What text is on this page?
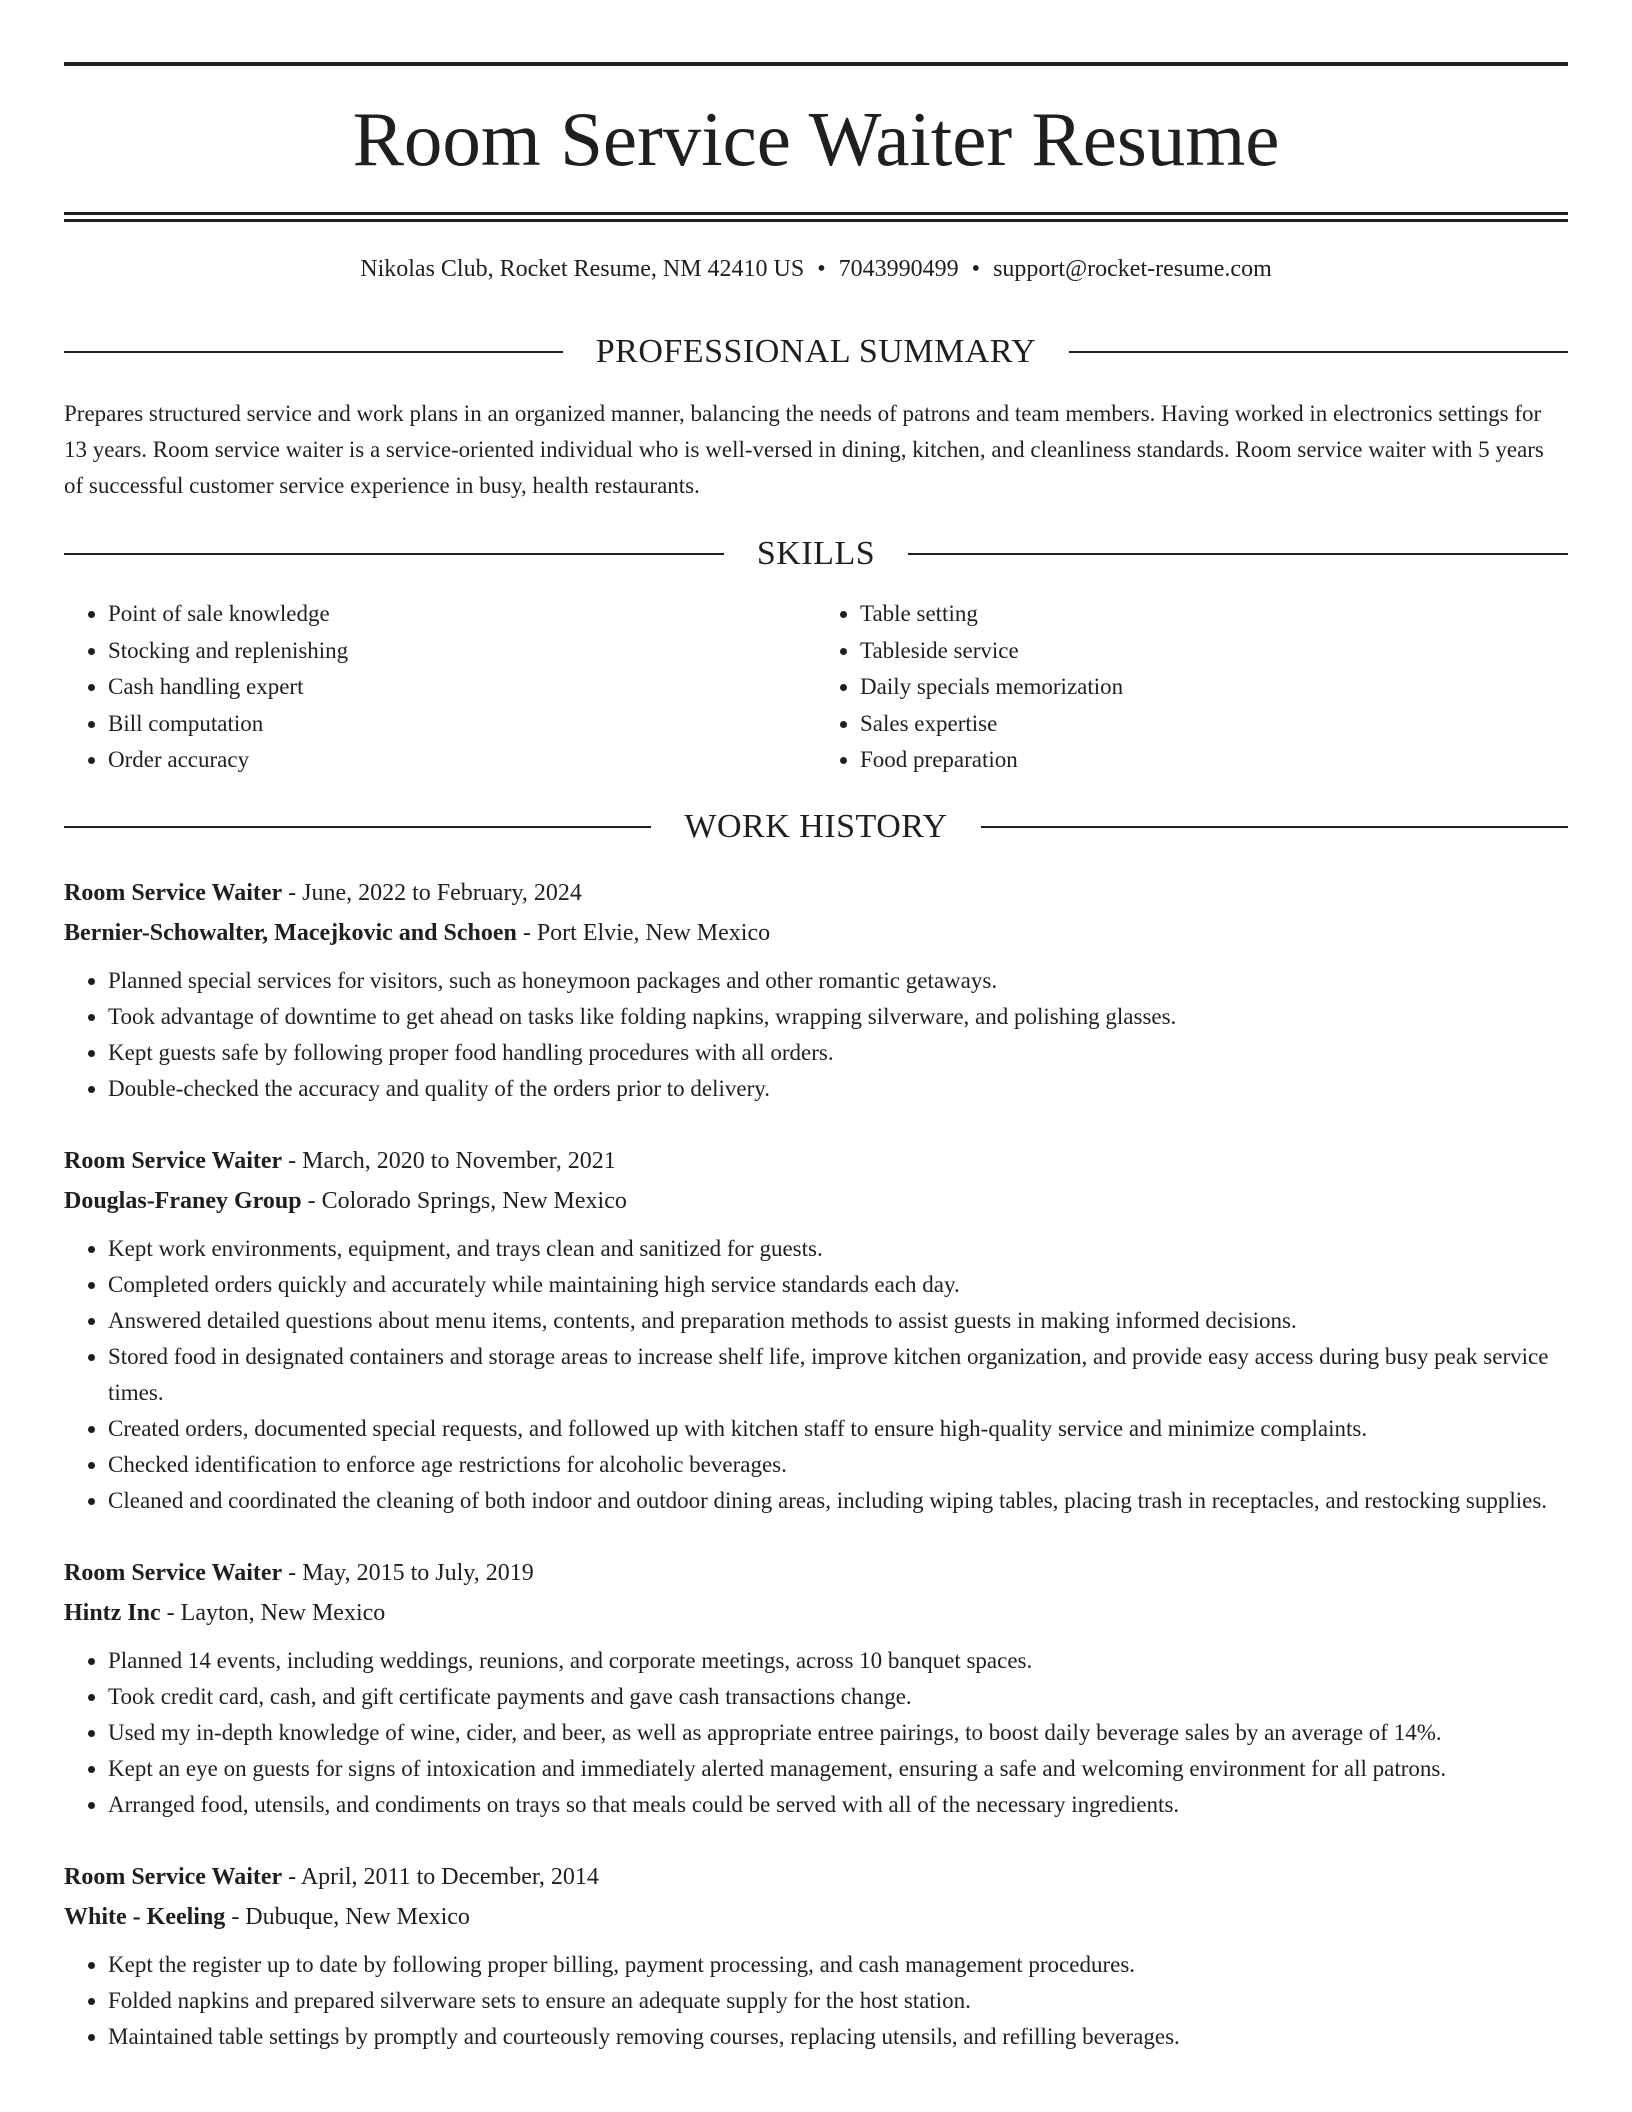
Room Service Waiter Resume
Nikolas Club, Rocket Resume, NM 42410 US • 7043990499 • support@rocket-resume.com
PROFESSIONAL SUMMARY

Prepares structured service and work plans in an organized manner, balancing the needs of patrons and team members. Having worked in electronics settings for 13 years. Room service waiter is a service-oriented individual who is well-versed in dining, kitchen, and cleanliness standards. Room service waiter with 5 years of successful customer service experience in busy, health restaurants.

SKILLS
• Point of sale knowledge
• Stocking and replenishing
• Cash handling expert
• Bill computation
• Order accuracy
• Table setting
• Tableside service
• Daily specials memorization
• Sales expertise
• Food preparation
WORK HISTORY
Room Service Waiter - June, 2022 to February, 2024
Bernier-Schowalter, Macejkovic and Schoen - Port Elvie, New Mexico
• Planned special services for visitors, such as honeymoon packages and other romantic getaways.
• Took advantage of downtime to get ahead on tasks like folding napkins, wrapping silverware, and polishing glasses.
• Kept guests safe by following proper food handling procedures with all orders.
• Double-checked the accuracy and quality of the orders prior to delivery.
Room Service Waiter - March, 2020 to November, 2021
Douglas-Franey Group - Colorado Springs, New Mexico
• Kept work environments, equipment, and trays clean and sanitized for guests.
• Completed orders quickly and accurately while maintaining high service standards each day.
• Answered detailed questions about menu items, contents, and preparation methods to assist guests in making informed decisions.
• Stored food in designated containers and storage areas to increase shelf life, improve kitchen organization, and provide easy access during busy peak service times.
• Created orders, documented special requests, and followed up with kitchen staff to ensure high-quality service and minimize complaints.
• Checked identification to enforce age restrictions for alcoholic beverages.
• Cleaned and coordinated the cleaning of both indoor and outdoor dining areas, including wiping tables, placing trash in receptacles, and restocking supplies.
Room Service Waiter - May, 2015 to July, 2019
Hintz Inc - Layton, New Mexico
• Planned 14 events, including weddings, reunions, and corporate meetings, across 10 banquet spaces.
• Took credit card, cash, and gift certificate payments and gave cash transactions change.
• Used my in-depth knowledge of wine, cider, and beer, as well as appropriate entree pairings, to boost daily beverage sales by an average of 14%.
• Kept an eye on guests for signs of intoxication and immediately alerted management, ensuring a safe and welcoming environment for all patrons.
• Arranged food, utensils, and condiments on trays so that meals could be served with all of the necessary ingredients.
Room Service Waiter - April, 2011 to December, 2014
White - Keeling - Dubuque, New Mexico
• Kept the register up to date by following proper billing, payment processing, and cash management procedures.
• Folded napkins and prepared silverware sets to ensure an adequate supply for the host station.
• Maintained table settings by promptly and courteously removing courses, replacing utensils, and refilling beverages.
